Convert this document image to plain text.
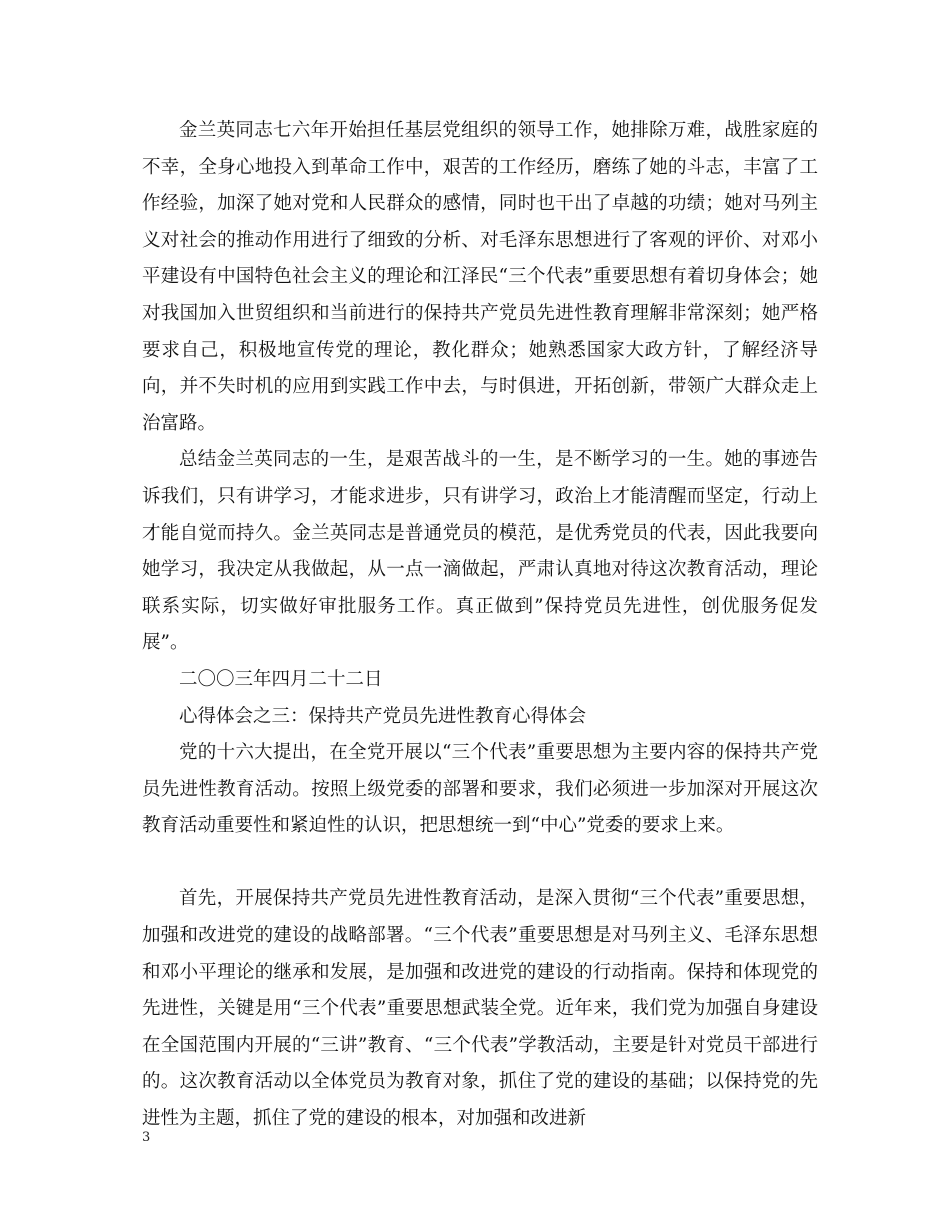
金兰英同志七六年开始担任基层党组织的领导工作，她排除万难，战胜家庭的不幸，全身心地投入到革命工作中，艰苦的工作经历，磨练了她的斗志，丰富了工作经验，加深了她对党和人民群众的感情，同时也干出了卓越的功绩；她对马列主义对社会的推动作用进行了细致的分析、对毛泽东思想进行了客观的评价、对邓小平建设有中国特色社会主义的理论和江泽民“三个代表”重要思想有着切身体会；她对我国加入世贸组织和当前进行的保持共产党员先进性教育理解非常深刻；她严格要求自己，积极地宣传党的理论，教化群众；她熟悉国家大政方针，了解经济导向，并不失时机的应用到实践工作中去，与时俱进，开拓创新，带领广大群众走上治富路。

总结金兰英同志的一生，是艰苦战斗的一生，是不断学习的一生。她的事迹告诉我们，只有讲学习，才能求进步，只有讲学习，政治上才能清醒而坚定，行动上才能自觉而持久。金兰英同志是普通党员的模范，是优秀党员的代表，因此我要向她学习，我决定从我做起，从一点一滴做起，严肃认真地对待这次教育活动，理论联系实际，切实做好审批服务工作。真正做到”保持党员先进性，创优服务促发展”。

二〇〇三年四月二十二日

心得体会之三：保持共产党员先进性教育心得体会

党的十六大提出，在全党开展以“三个代表”重要思想为主要内容的保持共产党员先进性教育活动。按照上级党委的部署和要求，我们必须进一步加深对开展这次教育活动重要性和紧迫性的认识，把思想统一到“中心”党委的要求上来。

首先，开展保持共产党员先进性教育活动，是深入贯彻“三个代表”重要思想，加强和改进党的建设的战略部署。“三个代表”重要思想是对马列主义、毛泽东思想和邓小平理论的继承和发展，是加强和改进党的建设的行动指南。保持和体现党的先进性，关键是用“三个代表”重要思想武装全党。近年来，我们党为加强自身建设在全国范围内开展的“三讲”教育、“三个代表”学教活动，主要是针对党员干部进行的。这次教育活动以全体党员为教育对象，抓住了党的建设的基础；以保持党的先进性为主题，抓住了党的建设的根本，对加强和改进新

3
